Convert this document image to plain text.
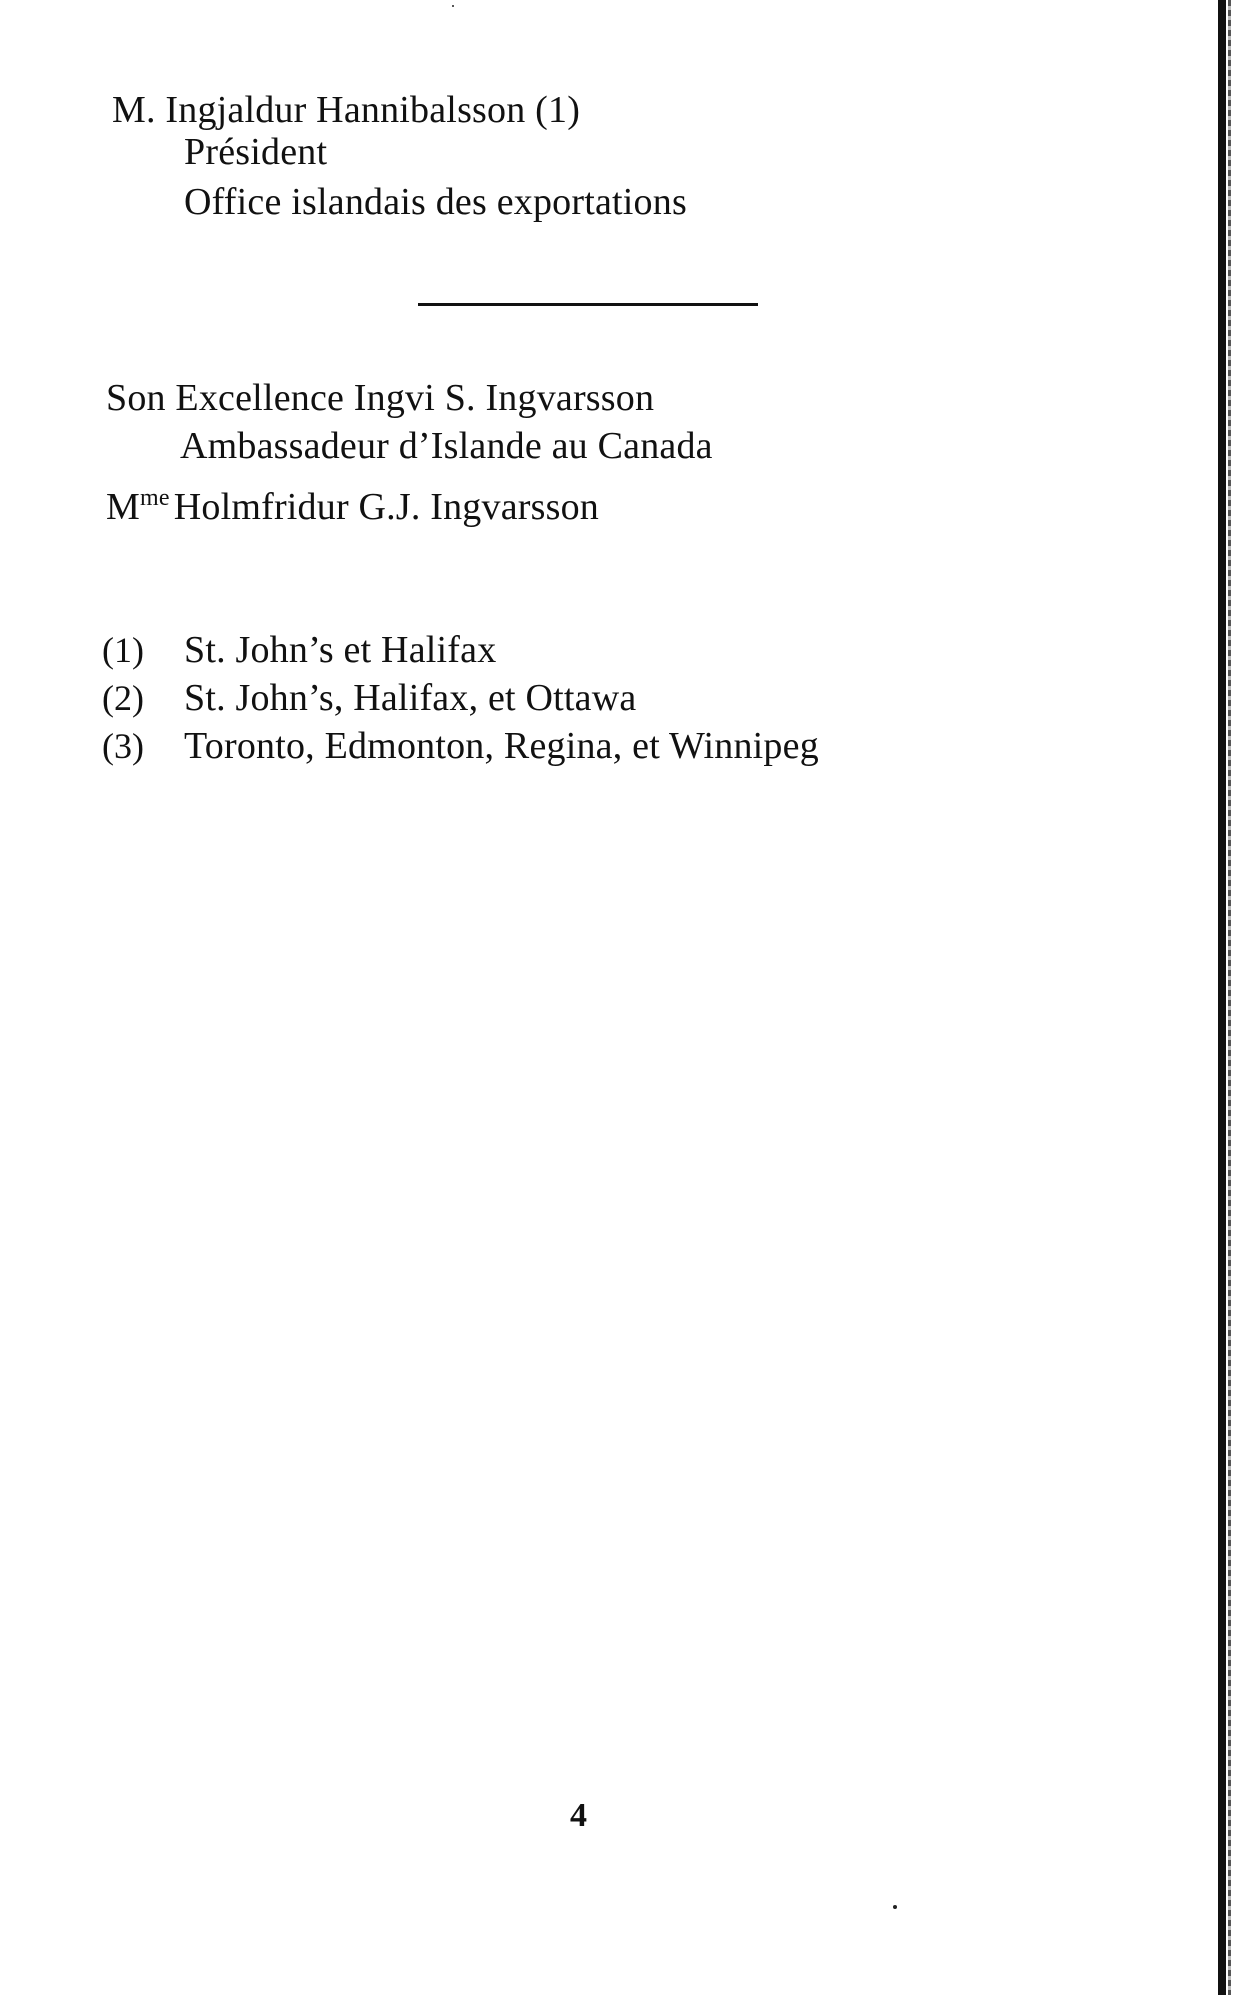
M. Ingjaldur Hannibalsson (1)
Président
Office islandais des exportations
Son Excellence Ingvi S. Ingvarsson
Ambassadeur d’Islande au Canada
$M^{me}$ Holmfridur G.J. Ingvarsson
(1) St. John’s et Halifax
(2) St. John’s, Halifax, et Ottawa
(3) Toronto, Edmonton, Regina, et Winnipeg
4
